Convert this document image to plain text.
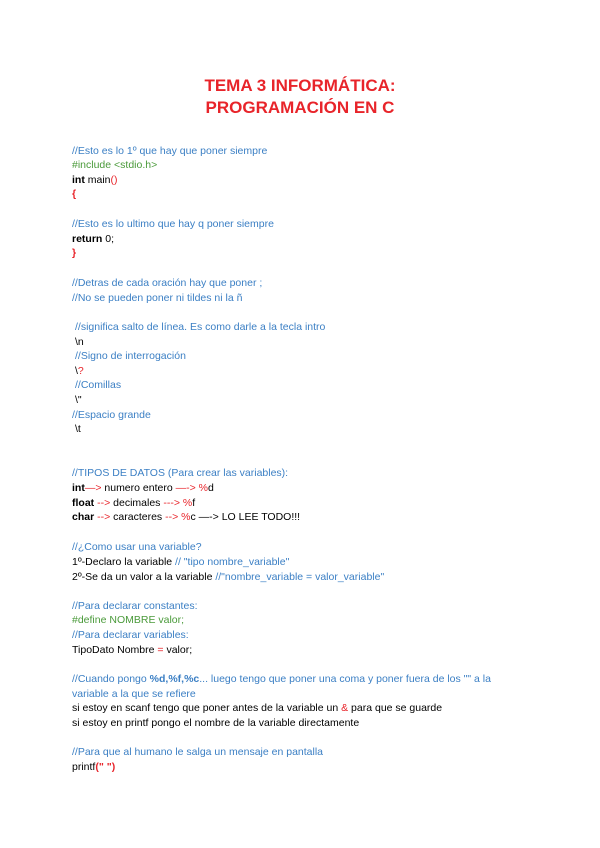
TEMA 3 INFORMÁTICA:
PROGRAMACIÓN EN C
//Esto es lo 1º que hay que poner siempre
#include <stdio.h>
int main()
{
//Esto es lo ultimo que hay q poner siempre
return 0;
}
//Detras de cada oración hay que poner ;
//No se pueden poner ni tildes ni la ñ
//significa salto de línea. Es como darle a la tecla intro
\n
//Signo de interrogación
\?
//Comillas
\"
//Espacio grande
\t
//TIPOS DE DATOS (Para crear las variables):
int—> numero entero —-> %d
float --> decimales ---> %f
char --> caracteres --> %c —-> LO LEE TODO!!!
//¿Como usar una variable?
1º-Declaro la variable // "tipo nombre_variable"
2º-Se da un valor a la variable //"nombre_variable = valor_variable"
//Para declarar constantes:
#define NOMBRE valor;
//Para declarar variables:
TipoDato Nombre = valor;
//Cuando pongo %d,%f,%c... luego tengo que poner una coma y poner fuera de los "" a la
variable a la que se refiere
si estoy en scanf tengo que poner antes de la variable un & para que se guarde
si estoy en printf pongo el nombre de la variable directamente
//Para que al humano le salga un mensaje en pantalla
printf(" ")
